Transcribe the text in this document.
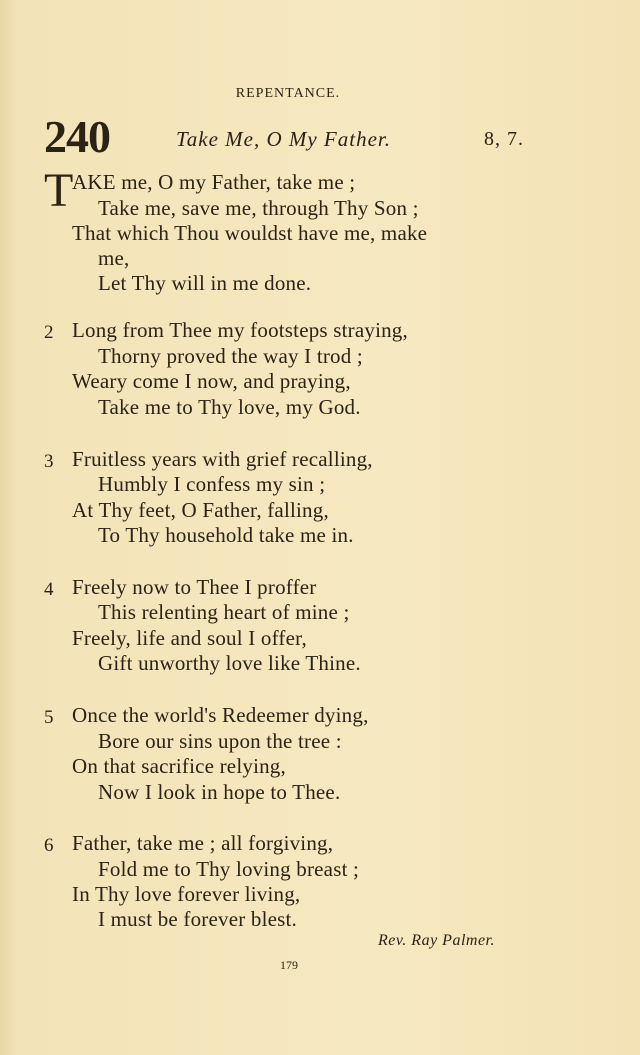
REPENTANCE.
240	Take Me, O My Father.	8, 7.
T
AKE me, O my Father, take me ;
Take me, save me, through Thy Son ;
That which Thou wouldst have me, make
me,
Let Thy will in me done.
2 Long from Thee my footsteps straying,
Thorny proved the way I trod ;
Weary come I now, and praying,
Take me to Thy love, my God.
3 Fruitless years with grief recalling,
Humbly I confess my sin ;
At Thy feet, O Father, falling,
To Thy household take me in.
4 Freely now to Thee I proffer
This relenting heart of mine ;
Freely, life and soul I offer,
Gift unworthy love like Thine.
5 Once the world's Redeemer dying,
Bore our sins upon the tree :
On that sacrifice relying,
Now I look in hope to Thee.
6 Father, take me ; all forgiving,
Fold me to Thy loving breast ;
In Thy love forever living,
I must be forever blest.
Rev. Ray Palmer.
179
